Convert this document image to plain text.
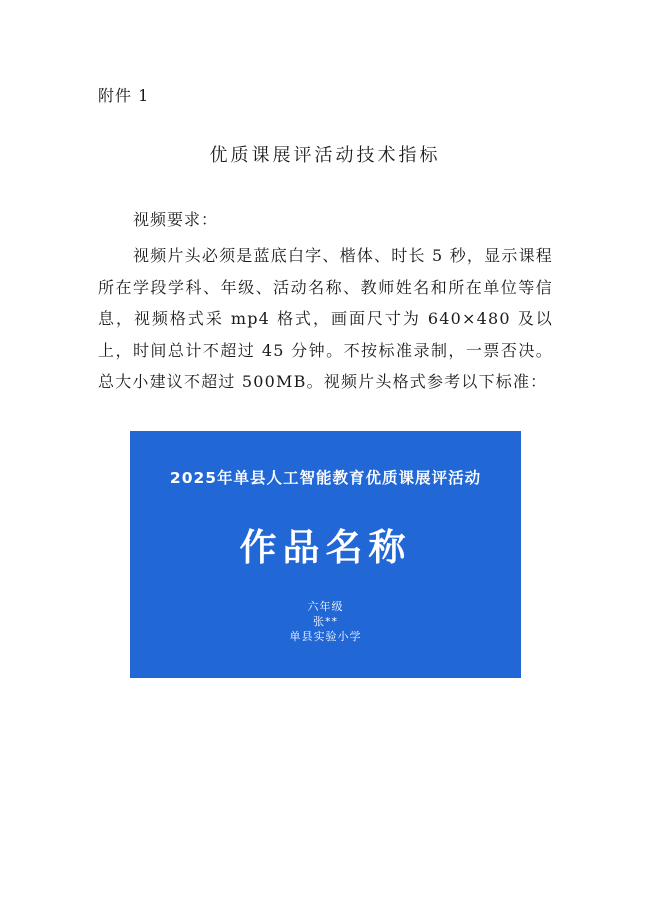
附件 1
优质课展评活动技术指标
视频要求：

视频片头必须是蓝底白字、楷体、时长 5 秒，显示课程所在学段学科、年级、活动名称、教师姓名和所在单位等信息，视频格式采 mp4 格式，画面尺寸为 640×480 及以上，时间总计不超过 45 分钟。不按标准录制，一票否决。总大小建议不超过 500MB。视频片头格式参考以下标准：

2025年单县人工智能教育优质课展评活动
作品名称
六年级
张**
单县实验小学
